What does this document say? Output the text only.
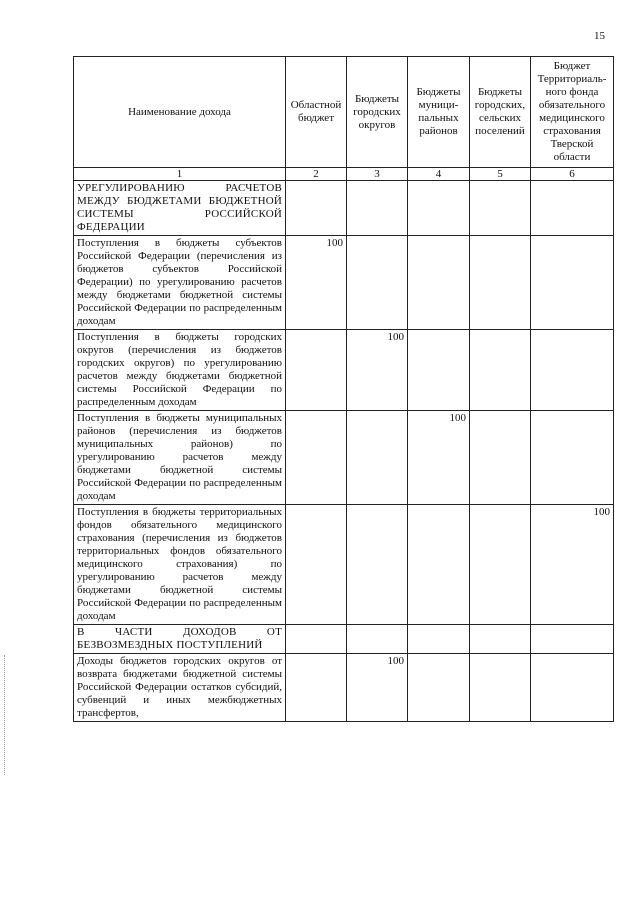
15
Наименование дохода	Областной бюджет	Бюджеты городских округов	Бюджеты муници-пальных районов	Бюджеты городских, сельских поселений	Бюджет Территориаль-ного фонда обязательного медицинского страхования Тверской области
1	2	3	4	5	6
УРЕГУЛИРОВАНИЮ РАСЧЕТОВ МЕЖДУ БЮДЖЕТАМИ БЮДЖЕТНОЙ СИСТЕМЫ РОССИЙСКОЙ ФЕДЕРАЦИИ					
Поступления в бюджеты субъектов Российской Федерации (перечисления из бюджетов субъектов Российской Федерации) по урегулированию расчетов между бюджетами бюджетной системы Российской Федерации по распределенным доходам	100				
Поступления в бюджеты городских округов (перечисления из бюджетов городских округов) по урегулированию расчетов между бюджетами бюджетной системы Российской Федерации по распределенным доходам		100			
Поступления в бюджеты муниципальных районов (перечисления из бюджетов муниципальных районов) по урегулированию расчетов между бюджетами бюджетной системы Российской Федерации по распределенным доходам			100		
Поступления в бюджеты территориальных фондов обязательного медицинского страхования (перечисления из бюджетов территориальных фондов обязательного медицинского страхования) по урегулированию расчетов между бюджетами бюджетной системы Российской Федерации по распределенным доходам					100
В ЧАСТИ ДОХОДОВ ОТ БЕЗВОЗМЕЗДНЫХ ПОСТУПЛЕНИЙ					
Доходы бюджетов городских округов от возврата бюджетами бюджетной системы Российской Федерации остатков субсидий, субвенций и иных межбюджетных трансфертов,		100			
